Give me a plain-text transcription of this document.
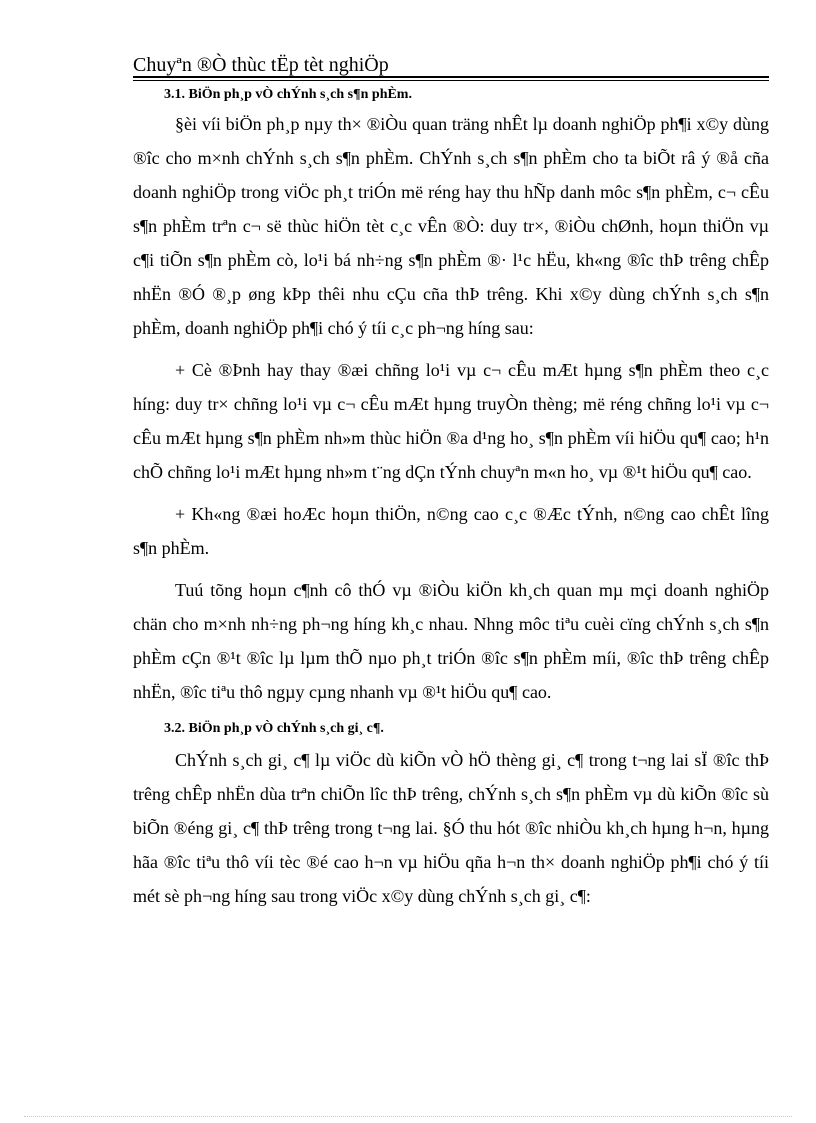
Chuyªn ®Ò thùc tËp tèt nghiÖp
3.1. BiÖn ph¸p vÒ chÝnh s¸ch s¶n phÈm.

§èi víi biÖn ph¸p nµy th× ®iÒu quan träng nhÊt lµ doanh nghiÖp ph¶i x©y dùng ®îc cho m×nh chÝnh s¸ch s¶n phÈm. ChÝnh s¸ch s¶n phÈm cho ta biÕt râ ý ®å cña doanh nghiÖp trong viÖc ph¸t triÓn më réng hay thu hÑp danh môc s¶n phÈm, c¬ cÊu s¶n phÈm trªn c¬ së thùc hiÖn tèt c¸c vÊn ®Ò: duy tr×, ®iÒu chØnh, hoµn thiÖn vµ c¶i tiÕn s¶n phÈm cò, lo¹i bá nh÷ng s¶n phÈm ®· l¹c hËu, kh«ng ®îc thÞ trêng chÊp nhËn ®Ó ®¸p øng kÞp thêi nhu cÇu cña thÞ trêng. Khi x©y dùng chÝnh s¸ch s¶n phÈm, doanh nghiÖp ph¶i chó ý tíi c¸c ph¬ng híng sau:

+ Cè ®Þnh hay thay ®æi chñng lo¹i vµ c¬ cÊu mÆt hµng s¶n phÈm theo c¸c híng: duy tr× chñng lo¹i vµ c¬ cÊu mÆt hµng truyÒn thèng; më réng chñng lo¹i vµ c¬ cÊu mÆt hµng s¶n phÈm nh»m thùc hiÖn ®a d¹ng ho¸ s¶n phÈm víi hiÖu qu¶ cao; h¹n chÕ chñng lo¹i mÆt hµng nh»m t¨ng dÇn tÝnh chuyªn m«n ho¸ vµ ®¹t hiÖu qu¶ cao.

+ Kh«ng ®æi hoÆc hoµn thiÖn, n©ng cao c¸c ®Æc tÝnh, n©ng cao chÊt lîng s¶n phÈm.

Tuú tõng hoµn c¶nh cô thÓ vµ ®iÒu kiÖn kh¸ch quan mµ mçi doanh nghiÖp chän cho m×nh nh÷ng ph¬ng híng kh¸c nhau. Nhng môc tiªu cuèi cïng chÝnh s¸ch s¶n phÈm cÇn ®¹t ®îc lµ lµm thÕ nµo ph¸t triÓn ®îc s¶n phÈm míi, ®îc thÞ trêng chÊp nhËn, ®îc tiªu thô ngµy cµng nhanh vµ ®¹t hiÖu qu¶ cao.

3.2. BiÖn ph¸p vÒ chÝnh s¸ch gi¸ c¶.

ChÝnh s¸ch gi¸ c¶ lµ viÖc dù kiÕn vÒ hÖ thèng gi¸ c¶ trong t¬ng lai sÏ ®îc thÞ trêng chÊp nhËn dùa trªn chiÕn lîc thÞ trêng, chÝnh s¸ch s¶n phÈm vµ dù kiÕn ®îc sù biÕn ®éng gi¸ c¶ thÞ trêng trong t¬ng lai. §Ó thu hót ®îc nhiÒu kh¸ch hµng h¬n, hµng hãa ®îc tiªu thô víi tèc ®é cao h¬n vµ hiÖu qña h¬n th× doanh nghiÖp ph¶i chó ý tíi mét sè ph¬ng híng sau trong viÖc x©y dùng chÝnh s¸ch gi¸ c¶:
